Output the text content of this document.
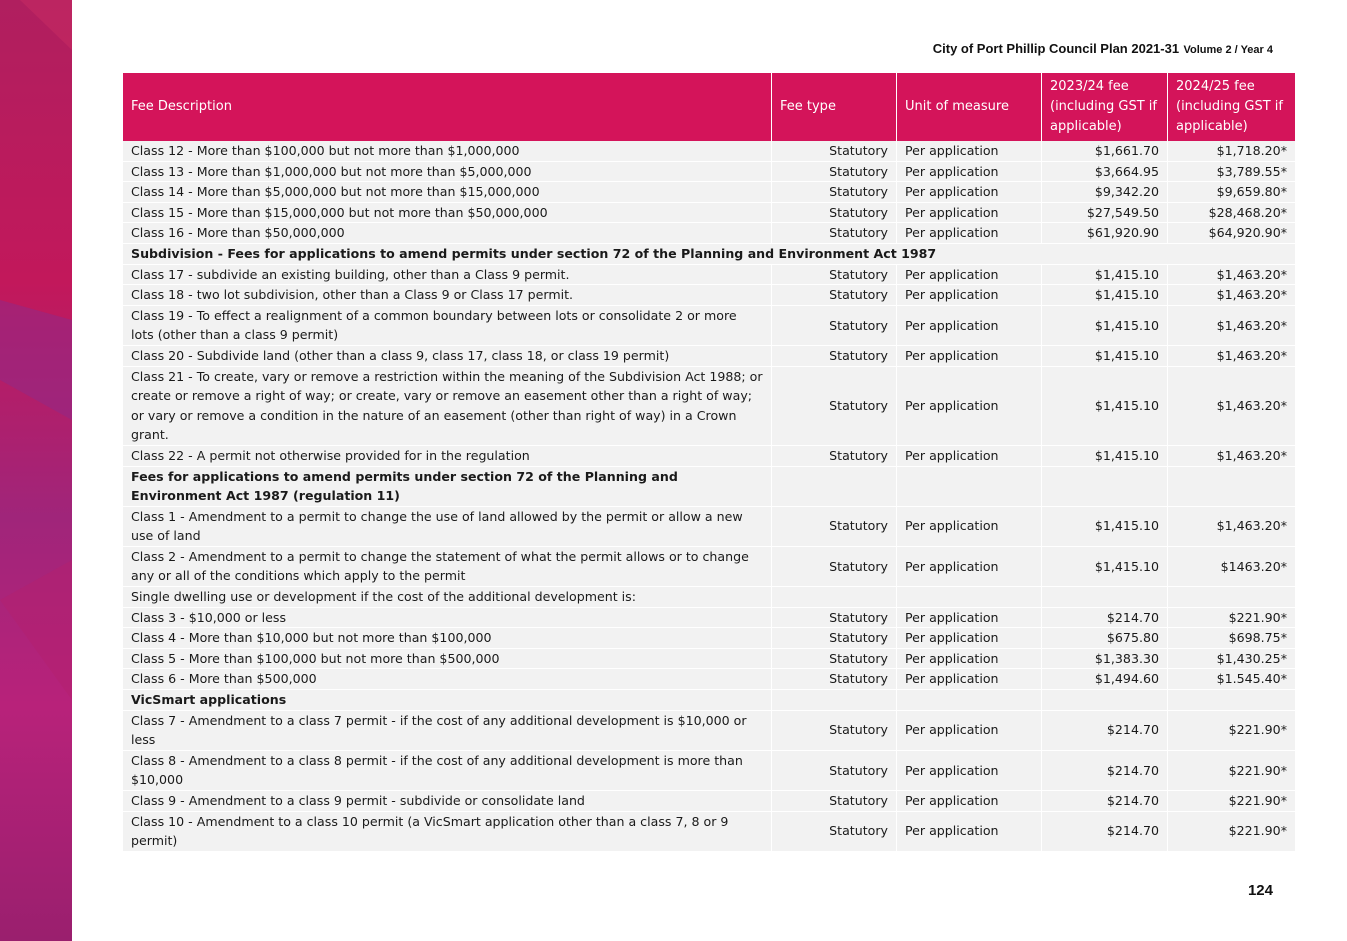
City of Port Phillip Council Plan 2021-31 Volume 2 / Year 4
Fee Description	Fee type	Unit of measure	2023/24 fee (including GST if applicable)	2024/25 fee (including GST if applicable)
Class 12 - More than $100,000 but not more than $1,000,000	Statutory	Per application	$1,661.70	$1,718.20*
Class 13 - More than $1,000,000 but not more than $5,000,000	Statutory	Per application	$3,664.95	$3,789.55*
Class 14 - More than $5,000,000 but not more than $15,000,000	Statutory	Per application	$9,342.20	$9,659.80*
Class 15 - More than $15,000,000 but not more than $50,000,000	Statutory	Per application	$27,549.50	$28,468.20*
Class 16 - More than $50,000,000	Statutory	Per application	$61,920.90	$64,920.90*
Subdivision - Fees for applications to amend permits under section 72 of the Planning and Environment Act 1987				
Class 17 - subdivide an existing building, other than a Class 9 permit.	Statutory	Per application	$1,415.10	$1,463.20*
Class 18 - two lot subdivision, other than a Class 9 or Class 17 permit.	Statutory	Per application	$1,415.10	$1,463.20*
Class 19 - To effect a realignment of a common boundary between lots or consolidate 2 or more lots (other than a class 9 permit)	Statutory	Per application	$1,415.10	$1,463.20*
Class 20 - Subdivide land (other than a class 9, class 17, class 18, or class 19 permit)	Statutory	Per application	$1,415.10	$1,463.20*
Class 21 - To create, vary or remove a restriction within the meaning of the Subdivision Act 1988; or create or remove a right of way; or create, vary or remove an easement other than a right of way; or vary or remove a condition in the nature of an easement (other than right of way) in a Crown grant.	Statutory	Per application	$1,415.10	$1,463.20*
Class 22 - A permit not otherwise provided for in the regulation	Statutory	Per application	$1,415.10	$1,463.20*
Fees for applications to amend permits under section 72 of the Planning and Environment Act 1987 (regulation 11)				
Class 1 - Amendment to a permit to change the use of land allowed by the permit or allow a new use of land	Statutory	Per application	$1,415.10	$1,463.20*
Class 2 - Amendment to a permit to change the statement of what the permit allows or to change any or all of the conditions which apply to the permit	Statutory	Per application	$1,415.10	$1463.20*
Single dwelling use or development if the cost of the additional development is:				
Class 3 - $10,000 or less	Statutory	Per application	$214.70	$221.90*
Class 4 - More than $10,000 but not more than $100,000	Statutory	Per application	$675.80	$698.75*
Class 5 - More than $100,000 but not more than $500,000	Statutory	Per application	$1,383.30	$1,430.25*
Class 6 - More than $500,000	Statutory	Per application	$1,494.60	$1.545.40*
VicSmart applications				
Class 7 - Amendment to a class 7 permit - if the cost of any additional development is $10,000 or less	Statutory	Per application	$214.70	$221.90*
Class 8 - Amendment to a class 8 permit - if the cost of any additional development is more than $10,000	Statutory	Per application	$214.70	$221.90*
Class 9 - Amendment to a class 9 permit - subdivide or consolidate land	Statutory	Per application	$214.70	$221.90*
Class 10 - Amendment to a class 10 permit (a VicSmart application other than a class 7, 8 or 9 permit)	Statutory	Per application	$214.70	$221.90*
124
